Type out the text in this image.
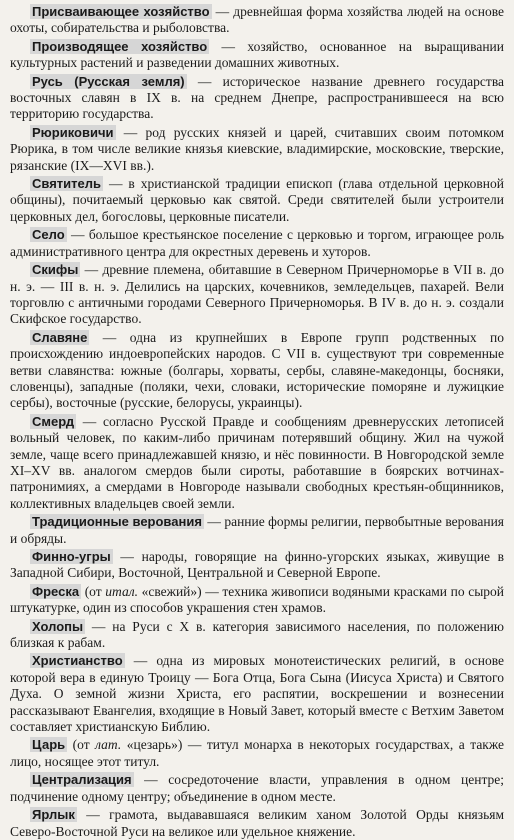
Присваивающее хозяйство — древнейшая форма хозяйства людей на основе охоты, собирательства и рыболовства.

Производящее хозяйство — хозяйство, основанное на выращивании культурных растений и разведении домашних животных.

Русь (Русская земля) — историческое название древнего государства восточных славян в IX в. на среднем Днепре, распространившееся на всю территорию государства.

Рюриковичи — род русских князей и царей, считавших своим потомком Рюрика, в том числе великие князья киевские, владимирские, московские, тверские, рязанские (IX—XVI вв.).

Святитель — в христианской традиции епископ (глава отдельной церковной общины), почитаемый церковью как святой. Среди святителей были устроители церковных дел, богословы, церковные писатели.

Село — большое крестьянское поселение с церковью и торгом, играющее роль административного центра для окрестных деревень и хуторов.

Скифы — древние племена, обитавшие в Северном Причерноморье в VII в. до н. э. — III в. н. э. Делились на царских, кочевников, земледельцев, пахарей. Вели торговлю с античными городами Северного Причерноморья. В IV в. до н. э. создали Скифское государство.

Славяне — одна из крупнейших в Европе групп родственных по происхождению индоевропейских народов. С VII в. существуют три современные ветви славянства: южные (болгары, хорваты, сербы, славяне-македонцы, босняки, словенцы), западные (поляки, чехи, словаки, исторические поморяне и лужицкие сербы), восточные (русские, белорусы, украинцы).

Смерд — согласно Русской Правде и сообщениям древнерусских летописей вольный человек, по каким-либо причинам потерявший общину. Жил на чужой земле, чаще всего принадлежавшей князю, и нёс повинности. В Новгородской земле XI–XV вв. аналогом смердов были сироты, работавшие в боярских вотчинах-патронимиях, а смердами в Новгороде называли свободных крестьян-общинников, коллективных владельцев своей земли.

Традиционные верования — ранние формы религии, первобытные верования и обряды.

Финно-угры — народы, говорящие на финно-угорских языках, живущие в Западной Сибири, Восточной, Центральной и Северной Европе.

Фреска (от итал. «свежий») — техника живописи водяными красками по сырой штукатурке, один из способов украшения стен храмов.

Холопы — на Руси с X в. категория зависимого населения, по положению близкая к рабам.

Христианство — одна из мировых монотеистических религий, в основе которой вера в единую Троицу — Бога Отца, Бога Сына (Иисуса Христа) и Святого Духа. О земной жизни Христа, его распятии, воскрешении и вознесении рассказывают Евангелия, входящие в Новый Завет, который вместе с Ветхим Заветом составляет христианскую Библию.

Царь (от лат. «цезарь») — титул монарха в некоторых государствах, а также лицо, носящее этот титул.

Централизация — сосредоточение власти, управления в одном центре; подчинение одному центру; объединение в одном месте.

Ярлык — грамота, выдававшаяся великим ханом Золотой Орды князьям Северо-Восточной Руси на великое или удельное княжение.
